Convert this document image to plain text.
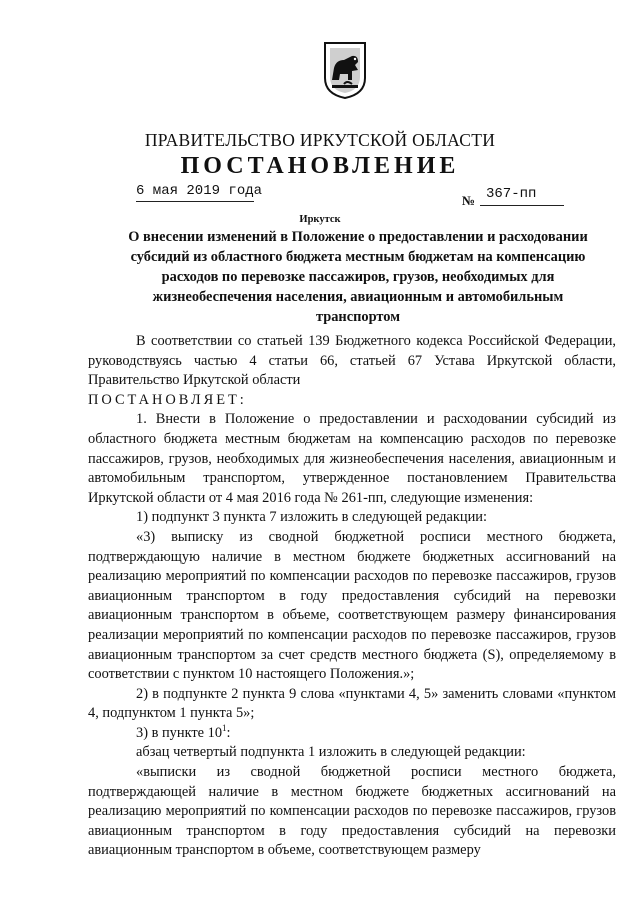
ПРАВИТЕЛЬСТВО ИРКУТСКОЙ ОБЛАСТИ
ПОСТАНОВЛЕНИЕ
6 мая 2019 года
№ 367-пп
Иркутск
О внесении изменений в Положение о предоставлении и расходовании субсидий из областного бюджета местным бюджетам на компенсацию расходов по перевозке пассажиров, грузов, необходимых для жизнеобеспечения населения, авиационным и автомобильным транспортом

В соответствии со статьей 139 Бюджетного кодекса Российской Федерации, руководствуясь частью 4 статьи 66, статьей 67 Устава Иркутской области, Правительство Иркутской области

ПОСТАНОВЛЯЕТ:

1. Внести в Положение о предоставлении и расходовании субсидий из областного бюджета местным бюджетам на компенсацию расходов по перевозке пассажиров, грузов, необходимых для жизнеобеспечения населения, авиационным и автомобильным транспортом, утвержденное постановлением Правительства Иркутской области от 4 мая 2016 года № 261-пп, следующие изменения:

1) подпункт 3 пункта 7 изложить в следующей редакции:

«3) выписку из сводной бюджетной росписи местного бюджета, подтверждающую наличие в местном бюджете бюджетных ассигнований на реализацию мероприятий по компенсации расходов по перевозке пассажиров, грузов авиационным транспортом в году предоставления субсидий на перевозки авиационным транспортом в объеме, соответствующем размеру финансирования реализации мероприятий по компенсации расходов по перевозке пассажиров, грузов авиационным транспортом за счет средств местного бюджета (S), определяемому в соответствии с пунктом 10 настоящего Положения.»;

2) в подпункте 2 пункта 9 слова «пунктами 4, 5» заменить словами «пунктом 4, подпунктом 1 пункта 5»;

3) в пункте $10^1$:

абзац четвертый подпункта 1 изложить в следующей редакции:

«выписки из сводной бюджетной росписи местного бюджета, подтверждающей наличие в местном бюджете бюджетных ассигнований на реализацию мероприятий по компенсации расходов по перевозке пассажиров, грузов авиационным транспортом в году предоставления субсидий на перевозки авиационным транспортом в объеме, соответствующем размеру
